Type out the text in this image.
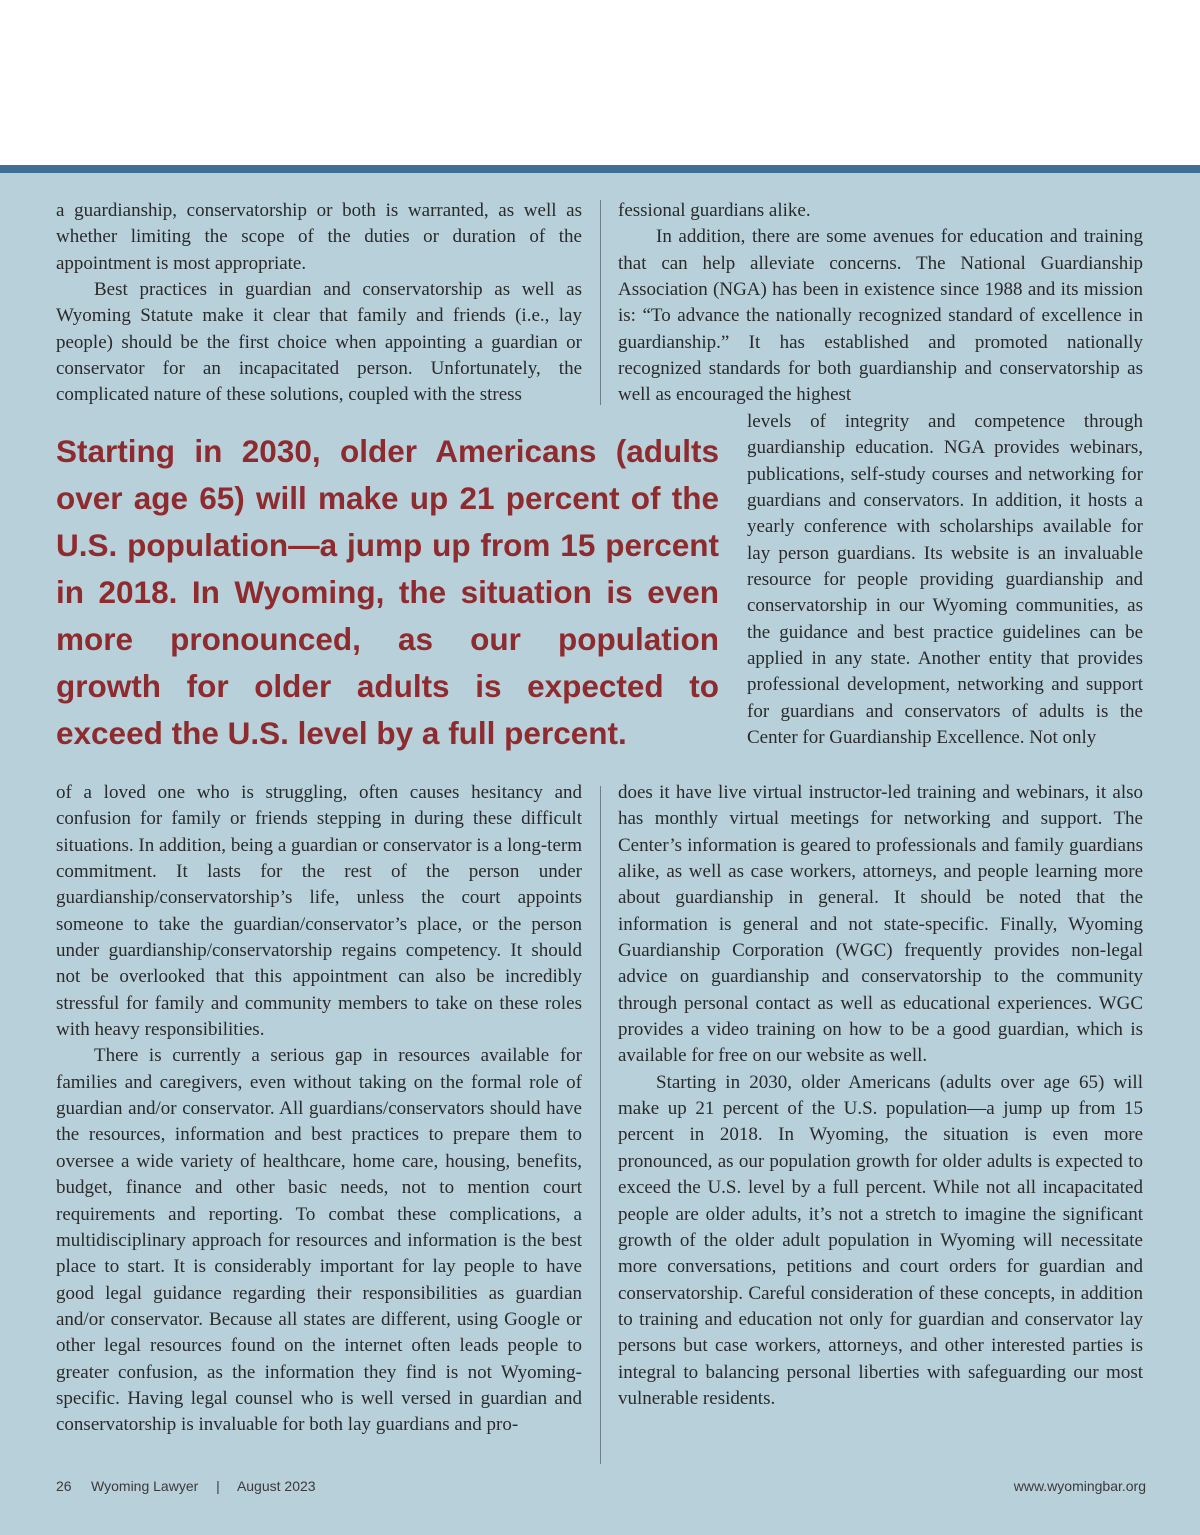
a guardianship, conservatorship or both is warranted, as well as whether limiting the scope of the duties or duration of the appointment is most appropriate.

Best practices in guardian and conservatorship as well as Wyoming Statute make it clear that family and friends (i.e., lay people) should be the first choice when appointing a guardian or conservator for an incapacitated person. Unfortunately, the complicated nature of these solutions, coupled with the stress

fessional guardians alike.

In addition, there are some avenues for education and training that can help alleviate concerns. The National Guardianship Association (NGA) has been in existence since 1988 and its mission is: “To advance the nationally recognized standard of excellence in guardianship.” It has established and promoted nationally recognized standards for both guardianship and conservatorship as well as encouraged the highest

levels of integrity and competence through guardianship education. NGA provides webinars, publications, self-study courses and networking for guardians and conservators. In addition, it hosts a yearly conference with scholarships available for lay person guardians. Its website is an invaluable resource for people providing guardianship and conservatorship in our Wyoming communities, as the guidance and best practice guidelines can be applied in any state. Another entity that provides professional development, networking and support for guardians and conservators of adults is the Center for Guardianship Excellence. Not only

Starting in 2030, older Americans (adults over age 65) will make up 21 percent of the U.S. population—a jump up from 15 percent in 2018. In Wyoming, the situation is even more pronounced, as our population growth for older adults is expected to exceed the U.S. level by a full percent.

of a loved one who is struggling, often causes hesitancy and confusion for family or friends stepping in during these difficult situations. In addition, being a guardian or conservator is a long-term commitment. It lasts for the rest of the person under guardianship/conservatorship’s life, unless the court appoints someone to take the guardian/conservator’s place, or the person under guardianship/conservatorship regains competency. It should not be overlooked that this appointment can also be incredibly stressful for family and community members to take on these roles with heavy responsibilities.

There is currently a serious gap in resources available for families and caregivers, even without taking on the formal role of guardian and/or conservator. All guardians/conservators should have the resources, information and best practices to prepare them to oversee a wide variety of healthcare, home care, housing, benefits, budget, finance and other basic needs, not to mention court requirements and reporting. To combat these complications, a multidisciplinary approach for resources and information is the best place to start. It is considerably important for lay people to have good legal guidance regarding their responsibilities as guardian and/or conservator. Because all states are different, using Google or other legal resources found on the internet often leads people to greater confusion, as the information they find is not Wyoming-specific. Having legal counsel who is well versed in guardian and conservatorship is invaluable for both lay guardians and pro-

does it have live virtual instructor-led training and webinars, it also has monthly virtual meetings for networking and support. The Center’s information is geared to professionals and family guardians alike, as well as case workers, attorneys, and people learning more about guardianship in general. It should be noted that the information is general and not state-specific. Finally, Wyoming Guardianship Corporation (WGC) frequently provides non-legal advice on guardianship and conservatorship to the community through personal contact as well as educational experiences. WGC provides a video training on how to be a good guardian, which is available for free on our website as well.

Starting in 2030, older Americans (adults over age 65) will make up 21 percent of the U.S. population—a jump up from 15 percent in 2018. In Wyoming, the situation is even more pronounced, as our population growth for older adults is expected to exceed the U.S. level by a full percent. While not all incapacitated people are older adults, it’s not a stretch to imagine the significant growth of the older adult population in Wyoming will necessitate more conversations, petitions and court orders for guardian and conservatorship. Careful consideration of these concepts, in addition to training and education not only for guardian and conservator lay persons but case workers, attorneys, and other interested parties is integral to balancing personal liberties with safeguarding our most vulnerable residents.

26 Wyoming Lawyer | August 2023	www.wyomingbar.org
